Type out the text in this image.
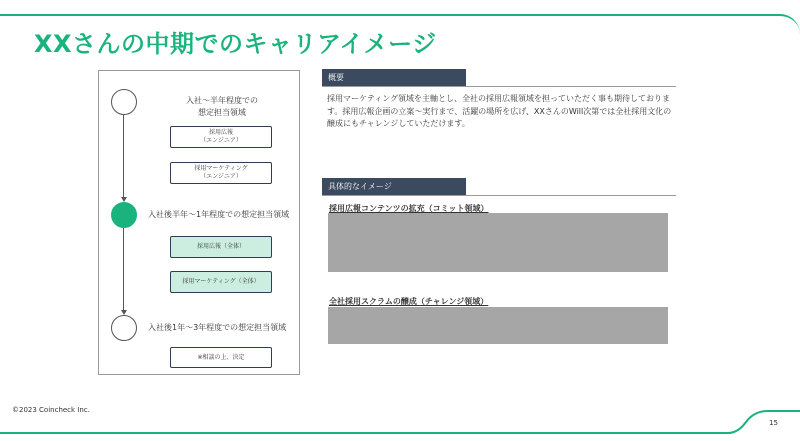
XXさんの中期でのキャリアイメージ
入社〜半年程度での
想定担当領域
採用広報
（エンジニア）
採用マーケティング
（エンジニア）
入社後半年〜1年程度での想定担当領域
採用広報（全体）
採用マーケティング（全体）
入社後1年〜3年程度での想定担当領域
※相談の上、決定
概要
採用マーケティング領域を主軸とし、全社の採用広報領域を担っていただく事も期待しております。採用広報企画の立案〜実行まで、活躍の場所を広げ、XXさんのWill次第では全社採用文化の醸成にもチャレンジしていただけます。
具体的なイメージ
採用広報コンテンツの拡充（コミット領域）
全社採用スクラムの醸成（チャレンジ領域）
©2023 Coincheck Inc.
15
